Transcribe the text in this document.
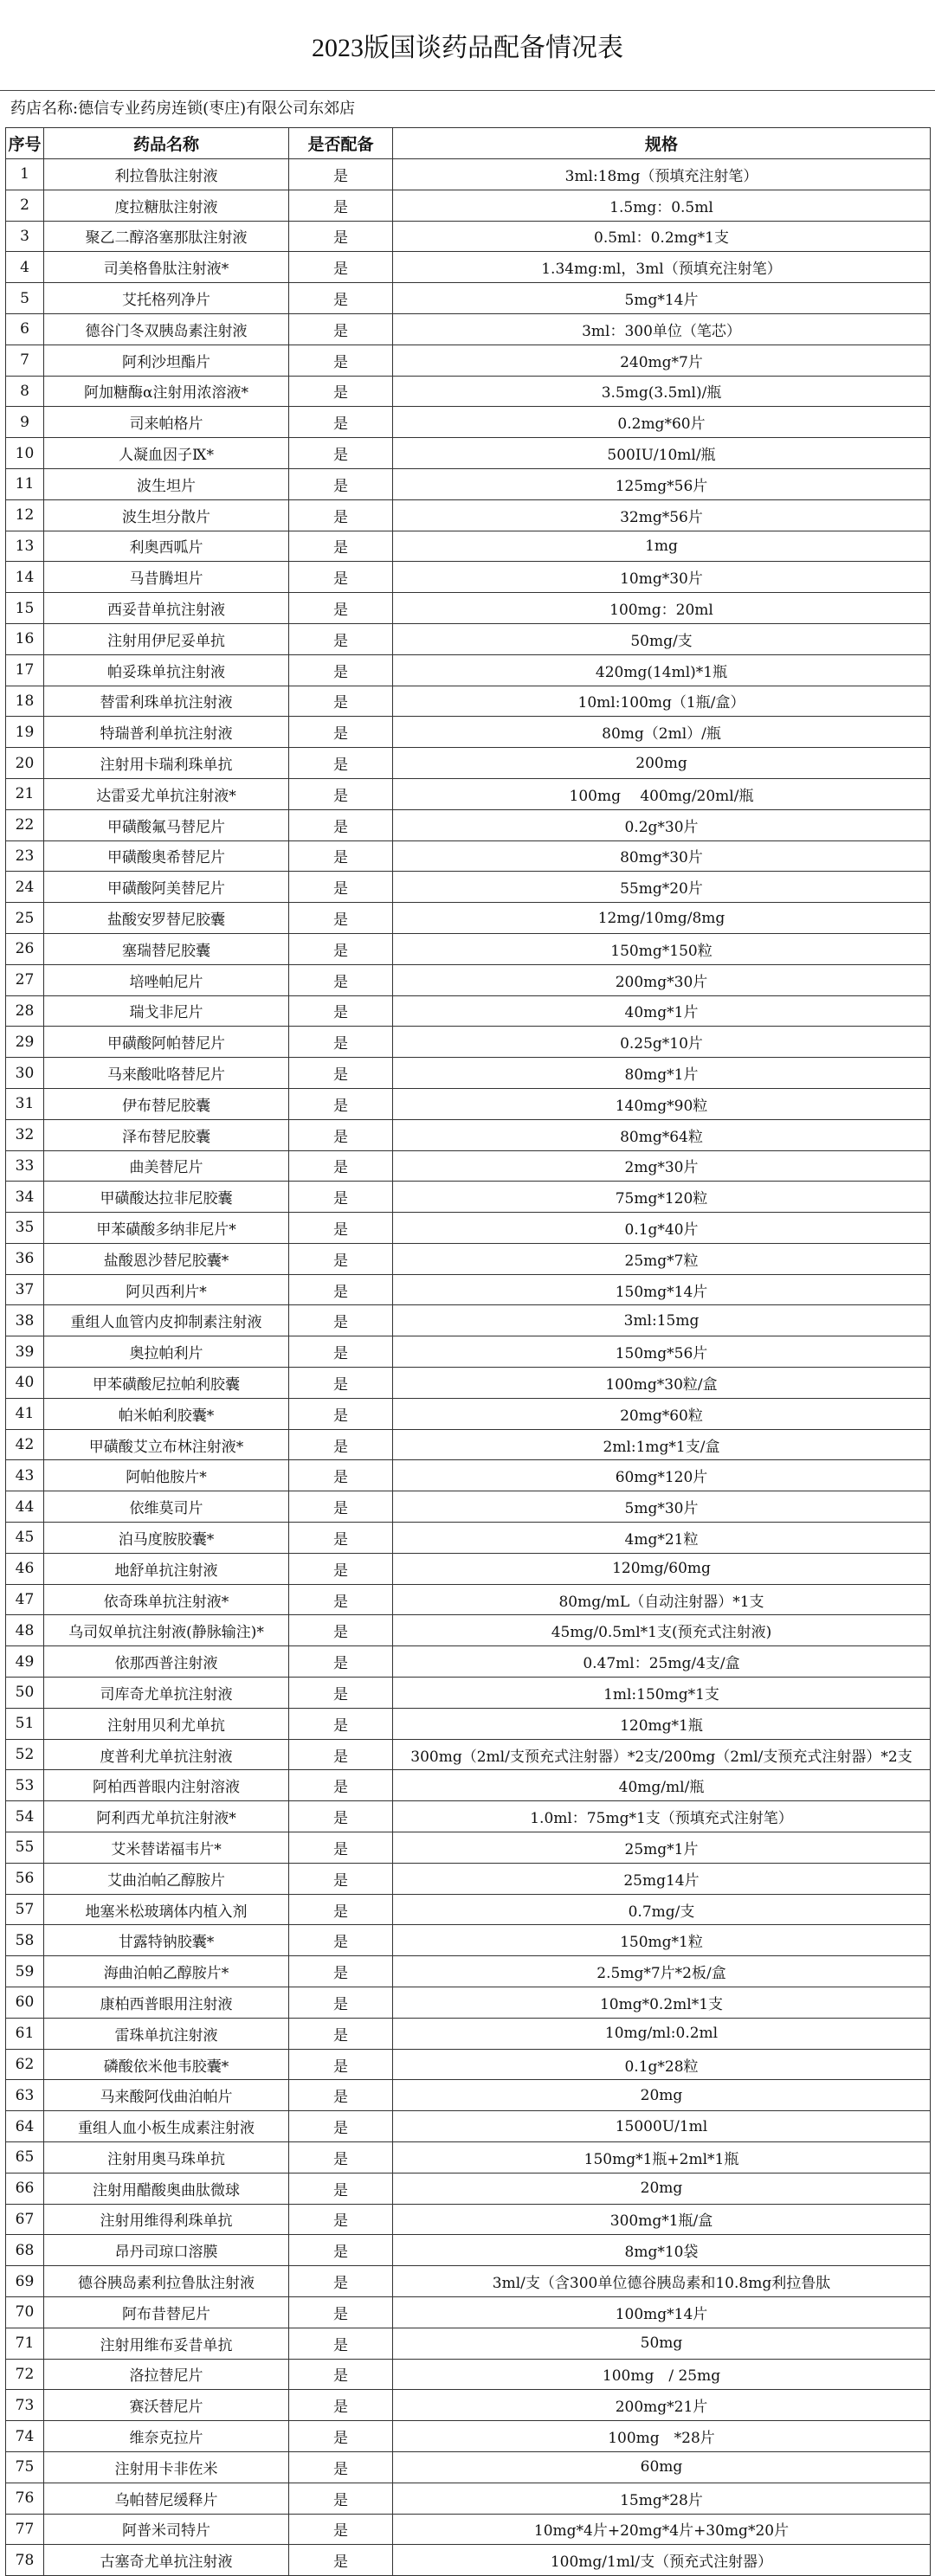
2023版国谈药品配备情况表
药店名称:德信专业药房连锁(枣庄)有限公司东郊店
序号	药品名称	是否配备	规格
1	利拉鲁肽注射液	是	3ml:18mg（预填充注射笔）
2	度拉糖肽注射液	是	1.5mg：0.5ml
3	聚乙二醇洛塞那肽注射液	是	0.5ml：0.2mg*1支
4	司美格鲁肽注射液*	是	1.34mg:ml，3ml（预填充注射笔）
5	艾托格列净片	是	5mg*14片
6	德谷门冬双胰岛素注射液	是	3ml：300单位（笔芯）
7	阿利沙坦酯片	是	240mg*7片
8	阿加糖酶α注射用浓溶液*	是	3.5mg(3.5ml)/瓶
9	司来帕格片	是	0.2mg*60片
10	人凝血因子Ⅸ*	是	500IU/10ml/瓶
11	波生坦片	是	125mg*56片
12	波生坦分散片	是	32mg*56片
13	利奥西呱片	是	1mg
14	马昔腾坦片	是	10mg*30片
15	西妥昔单抗注射液	是	100mg：20ml
16	注射用伊尼妥单抗	是	50mg/支
17	帕妥珠单抗注射液	是	420mg(14ml)*1瓶
18	替雷利珠单抗注射液	是	10ml:100mg（1瓶/盒）
19	特瑞普利单抗注射液	是	80mg（2ml）/瓶
20	注射用卡瑞利珠单抗	是	200mg
21	达雷妥尤单抗注射液*	是	100mg　 400mg/20ml/瓶
22	甲磺酸氟马替尼片	是	0.2g*30片
23	甲磺酸奥希替尼片	是	80mg*30片
24	甲磺酸阿美替尼片	是	55mg*20片
25	盐酸安罗替尼胶囊	是	12mg/10mg/8mg
26	塞瑞替尼胶囊	是	150mg*150粒
27	培唑帕尼片	是	200mg*30片
28	瑞戈非尼片	是	40mg*1片
29	甲磺酸阿帕替尼片	是	0.25g*10片
30	马来酸吡咯替尼片	是	80mg*1片
31	伊布替尼胶囊	是	140mg*90粒
32	泽布替尼胶囊	是	80mg*64粒
33	曲美替尼片	是	2mg*30片
34	甲磺酸达拉非尼胶囊	是	75mg*120粒
35	甲苯磺酸多纳非尼片*	是	0.1g*40片
36	盐酸恩沙替尼胶囊*	是	25mg*7粒
37	阿贝西利片*	是	150mg*14片
38	重组人血管内皮抑制素注射液	是	3ml:15mg
39	奥拉帕利片	是	150mg*56片
40	甲苯磺酸尼拉帕利胶囊	是	100mg*30粒/盒
41	帕米帕利胶囊*	是	20mg*60粒
42	甲磺酸艾立布林注射液*	是	2ml:1mg*1支/盒
43	阿帕他胺片*	是	60mg*120片
44	依维莫司片	是	5mg*30片
45	泊马度胺胶囊*	是	4mg*21粒
46	地舒单抗注射液	是	120mg/60mg
47	依奇珠单抗注射液*	是	80mg/mL（自动注射器）*1支
48	乌司奴单抗注射液(静脉输注)*	是	45mg/0.5ml*1支(预充式注射液)
49	依那西普注射液	是	0.47ml：25mg/4支/盒
50	司库奇尤单抗注射液	是	1ml:150mg*1支
51	注射用贝利尤单抗	是	120mg*1瓶
52	度普利尤单抗注射液	是	300mg（2ml/支预充式注射器）*2支/200mg（2ml/支预充式注射器）*2支
53	阿柏西普眼内注射溶液	是	40mg/ml/瓶
54	阿利西尤单抗注射液*	是	1.0ml：75mg*1支（预填充式注射笔）
55	艾米替诺福韦片*	是	25mg*1片
56	艾曲泊帕乙醇胺片	是	25mg14片
57	地塞米松玻璃体内植入剂	是	0.7mg/支
58	甘露特钠胶囊*	是	150mg*1粒
59	海曲泊帕乙醇胺片*	是	2.5mg*7片*2板/盒
60	康柏西普眼用注射液	是	10mg*0.2ml*1支
61	雷珠单抗注射液	是	10mg/ml:0.2ml
62	磷酸依米他韦胶囊*	是	0.1g*28粒
63	马来酸阿伐曲泊帕片	是	20mg
64	重组人血小板生成素注射液	是	15000U/1ml
65	注射用奥马珠单抗	是	150mg*1瓶+2ml*1瓶
66	注射用醋酸奥曲肽微球	是	20mg
67	注射用维得利珠单抗	是	300mg*1瓶/盒
68	昂丹司琼口溶膜	是	8mg*10袋
69	德谷胰岛素利拉鲁肽注射液	是	3ml/支（含300单位德谷胰岛素和10.8mg利拉鲁肽
70	阿布昔替尼片	是	100mg*14片
71	注射用维布妥昔单抗	是	50mg
72	洛拉替尼片	是	100mg　/ 25mg
73	赛沃替尼片	是	200mg*21片
74	维奈克拉片	是	100mg　*28片
75	注射用卡非佐米	是	60mg
76	乌帕替尼缓释片	是	15mg*28片
77	阿普米司特片	是	10mg*4片+20mg*4片+30mg*20片
78	古塞奇尤单抗注射液	是	100mg/1ml/支（预充式注射器）
